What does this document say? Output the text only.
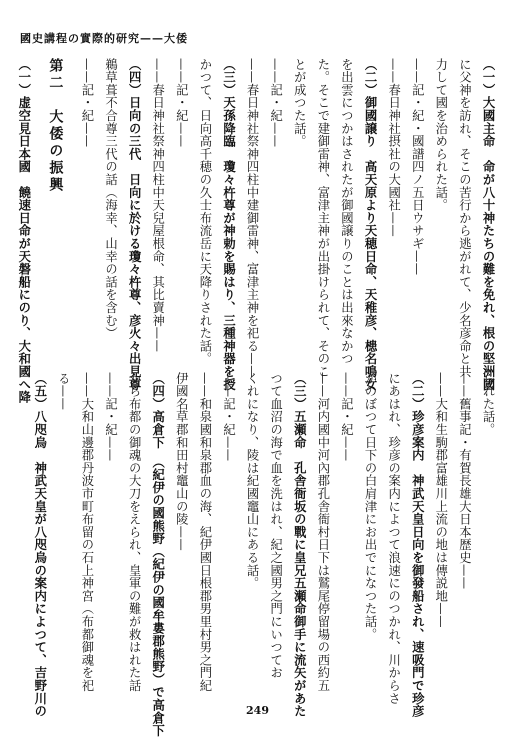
國史講程の實際的研究——大倭
（一）大國主命　命が八十神たちの難を免れ、根の堅洲國
に父神を訪れ、そこの苦行から逃がれて、少名彦命と共
力して國を治められた話。
——記・紀・國譜四ノ五日ウサギ——
——春日神社摂社の大國社——
（二）御國譲り　高天原より天穂日命、天稚彦、槵名鳴女
を出雲につかはされたが御國譲りのことは出來なかつ
た。そこで建御雷神、富津主神が出掛けられて、そのこ
とが成つた話。
——記・紀——
——春日神社祭神四柱中建御雷神、富津主神を祀る——
（三）天孫降臨　瓊々杵尊が神勅を賜はり、三種神器を授
かつて、日向高千穂の久士布流岳に天降りされた話。
——記・紀——
——春日神社祭神四柱中天兒屋根命、其比賣神——
（四）日向の三代　日向に於ける瓊々杵尊、彦火々出見尊
鵜草葺不合尊三代の話（海幸、山幸の話を含む）
——記・紀——
第二　大倭の振興
（一）虚空見日本國　饒速日命が天磐船にのり、大和國へ降
られた話。
——舊事記・有賀長雄大日本歴史——
——大和生駒郡富雄川上流の地は傳説地——
（二）珍彦案内　神武天皇日向を御發船され、速吸門で珍彦
にあはれ、珍彦の案内によつて浪速にのつかれ、川からさ
かのぼつて日下の白肩津にお出でになつた話。
——記・紀——
——河内國中河內郡孔舎衙村日下は鷲尾停留場の西約五
（三）五瀬命　孔舎衙坂の戰に皇兄五瀬命御手に流矢があた
つて血沼の海で血を洗はれ、紀之國男之門にいつてお
くれになり、陵は紀國竈山にある話。
——記・紀——
——和泉國和泉郡血の海、紀伊國日根郡男里村男之門紀
伊國名草郡和田村竈山の陵——
（四）高倉下　（紀伊の國熊野（紀伊の國牟婁郡熊野）で高倉下
から布都の御魂の大刀をえられ、皇軍の難が救はれた話
——記・紀——
——大和山邊郡丹波市町布留の石上神宮（布都御魂を祀
る——
（五）八咫烏　神武天皇が八咫烏の案内によつて、吉野川の	249
